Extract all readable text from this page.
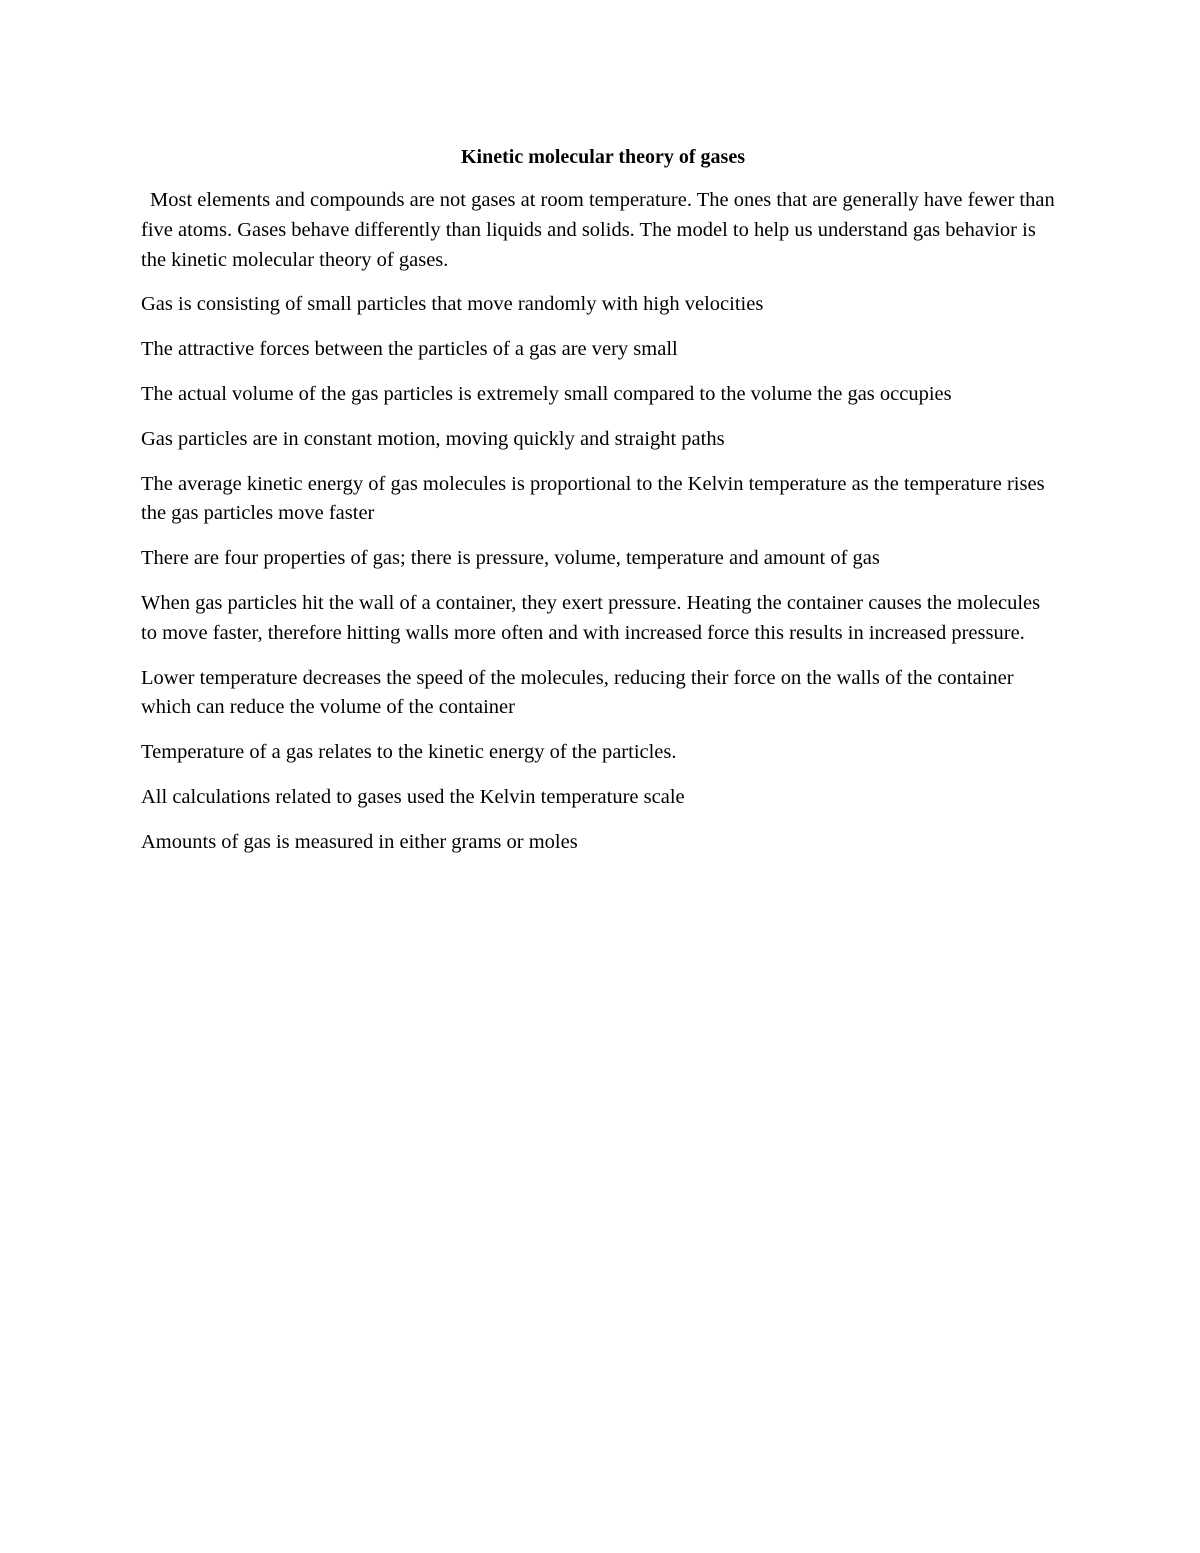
Kinetic molecular theory of gases

Most elements and compounds are not gases at room temperature. The ones that are generally have fewer than five atoms. Gases behave differently than liquids and solids. The model to help us understand gas behavior is the kinetic molecular theory of gases.

Gas is consisting of small particles that move randomly with high velocities

The attractive forces between the particles of a gas are very small

The actual volume of the gas particles is extremely small compared to the volume the gas occupies

Gas particles are in constant motion, moving quickly and straight paths

The average kinetic energy of gas molecules is proportional to the Kelvin temperature as the temperature rises the gas particles move faster

There are four properties of gas; there is pressure, volume, temperature and amount of gas

When gas particles hit the wall of a container, they exert pressure. Heating the container causes the molecules to move faster, therefore hitting walls more often and with increased force this results in increased pressure.

Lower temperature decreases the speed of the molecules, reducing their force on the walls of the container which can reduce the volume of the container

Temperature of a gas relates to the kinetic energy of the particles.

All calculations related to gases used the Kelvin temperature scale

Amounts of gas is measured in either grams or moles
